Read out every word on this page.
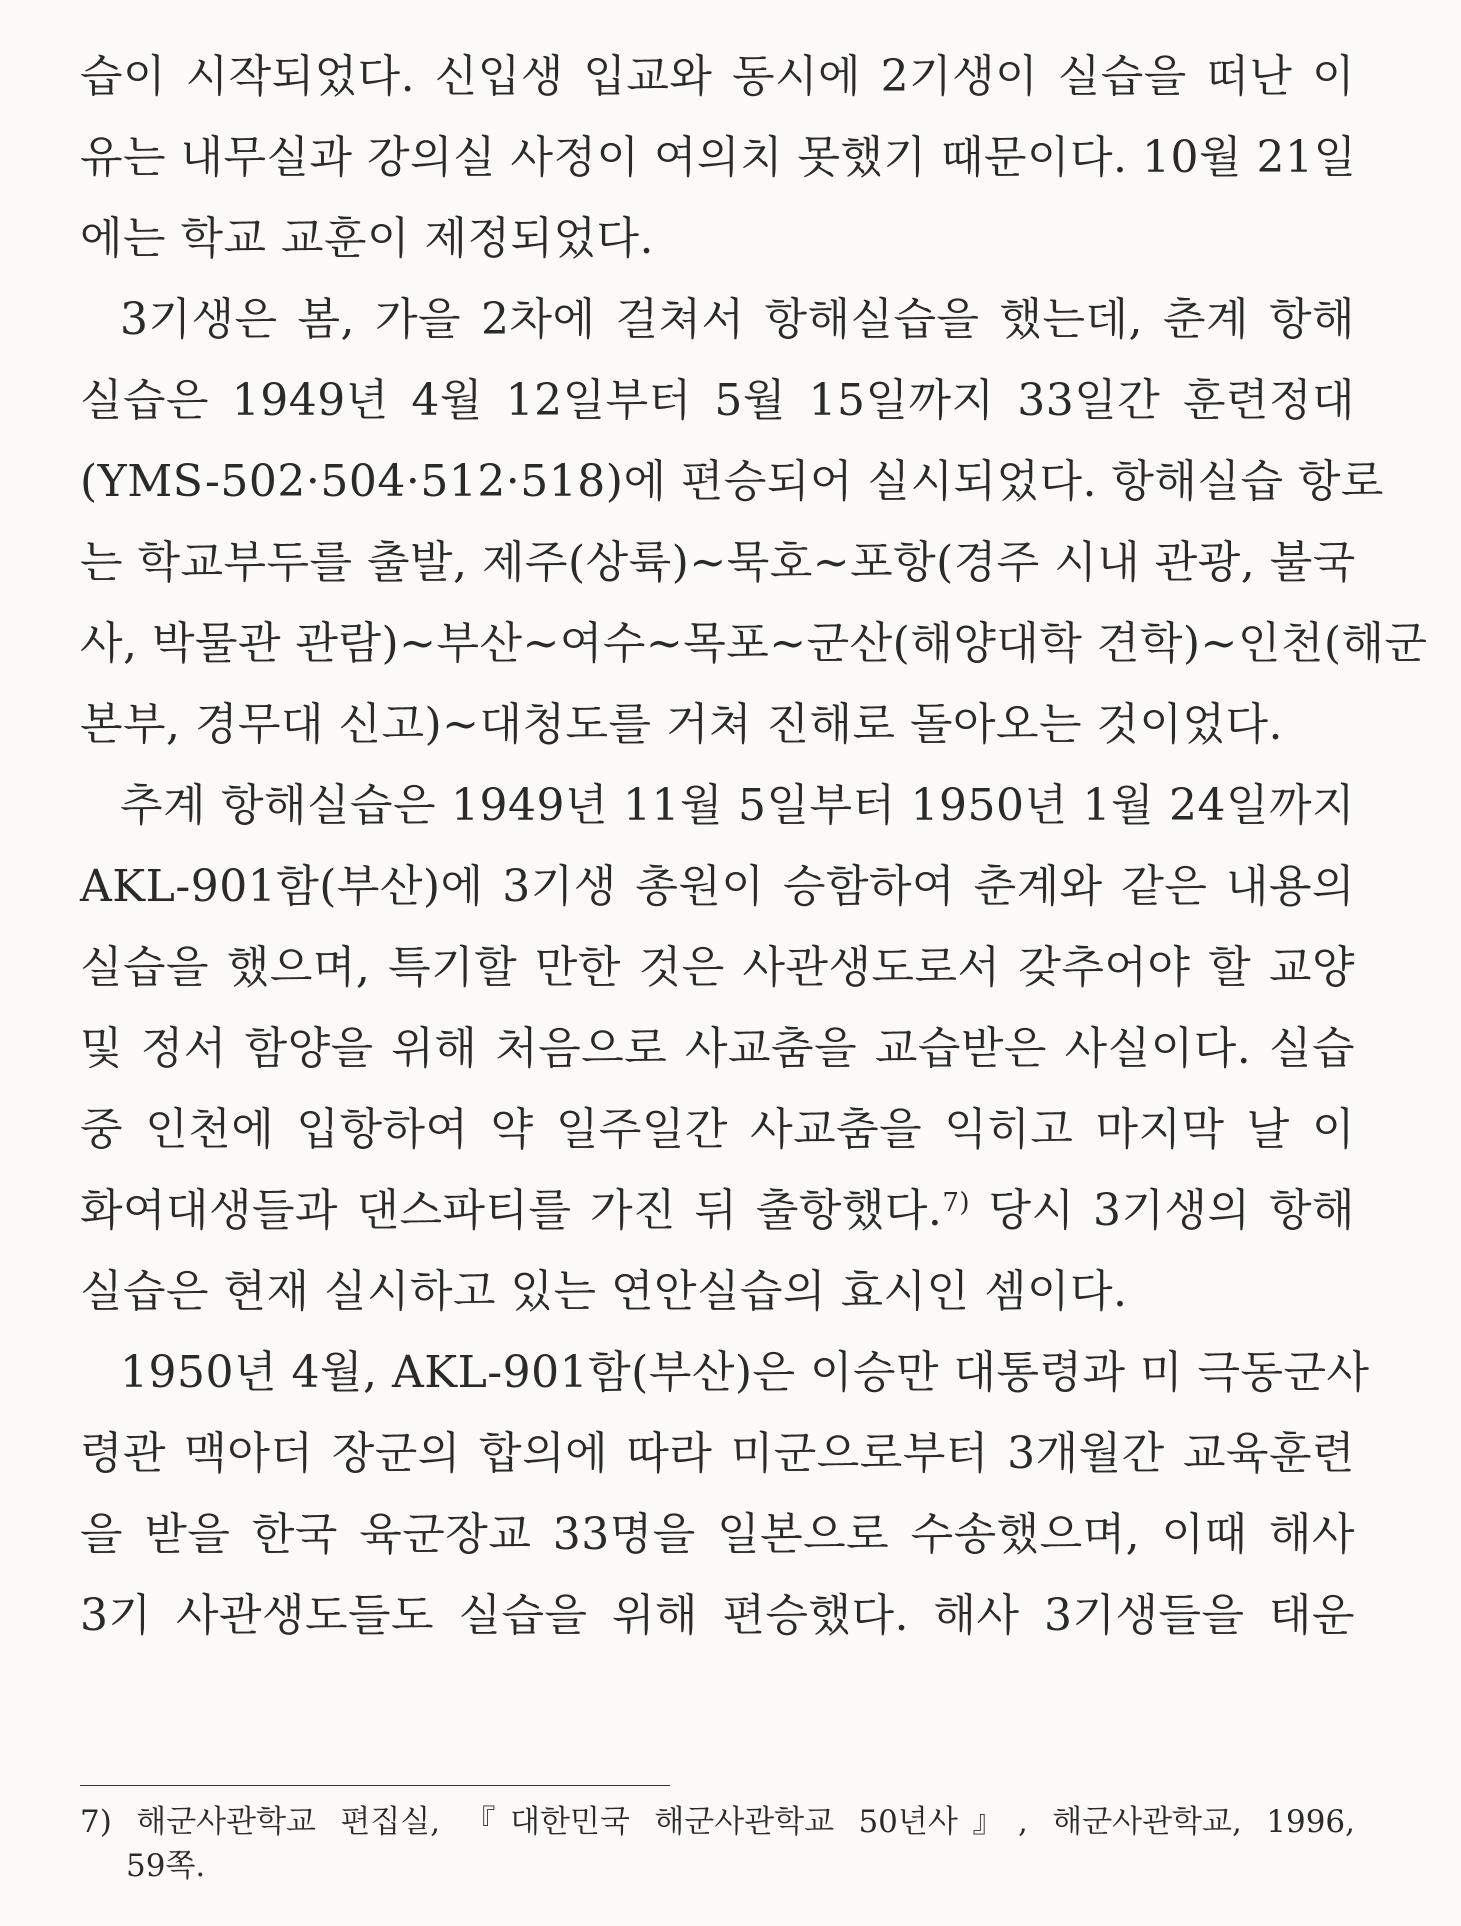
습이 시작되었다. 신입생 입교와 동시에 2기생이 실습을 떠난 이
유는 내무실과 강의실 사정이 여의치 못했기 때문이다. 10월 21일
에는 학교 교훈이 제정되었다.
3기생은 봄, 가을 2차에 걸쳐서 항해실습을 했는데, 춘계 항해
실습은 1949년 4월 12일부터 5월 15일까지 33일간 훈련정대
(YMS-502·504·512·518)에 편승되어 실시되었다. 항해실습 항로
는 학교부두를 출발, 제주(상륙)~묵호~포항(경주 시내 관광, 불국
사, 박물관 관람)~부산~여수~목포~군산(해양대학 견학)~인천(해군
본부, 경무대 신고)~대청도를 거쳐 진해로 돌아오는 것이었다.
추계 항해실습은 1949년 11월 5일부터 1950년 1월 24일까지
AKL-901함(부산)에 3기생 총원이 승함하여 춘계와 같은 내용의
실습을 했으며, 특기할 만한 것은 사관생도로서 갖추어야 할 교양
및 정서 함양을 위해 처음으로 사교춤을 교습받은 사실이다. 실습
중 인천에 입항하여 약 일주일간 사교춤을 익히고 마지막 날 이
화여대생들과 댄스파티를 가진 뒤 출항했다.$^{7)}$ 당시 3기생의 항해
실습은 현재 실시하고 있는 연안실습의 효시인 셈이다.
1950년 4월, AKL-901함(부산)은 이승만 대통령과 미 극동군사
령관 맥아더 장군의 합의에 따라 미군으로부터 3개월간 교육훈련
을 받을 한국 육군장교 33명을 일본으로 수송했으며, 이때 해사
3기 사관생도들도 실습을 위해 편승했다. 해사 3기생들을 태운
7) 해군사관학교 편집실, 『대한민국 해군사관학교 50년사』, 해군사관학교, 1996,
59쪽.
